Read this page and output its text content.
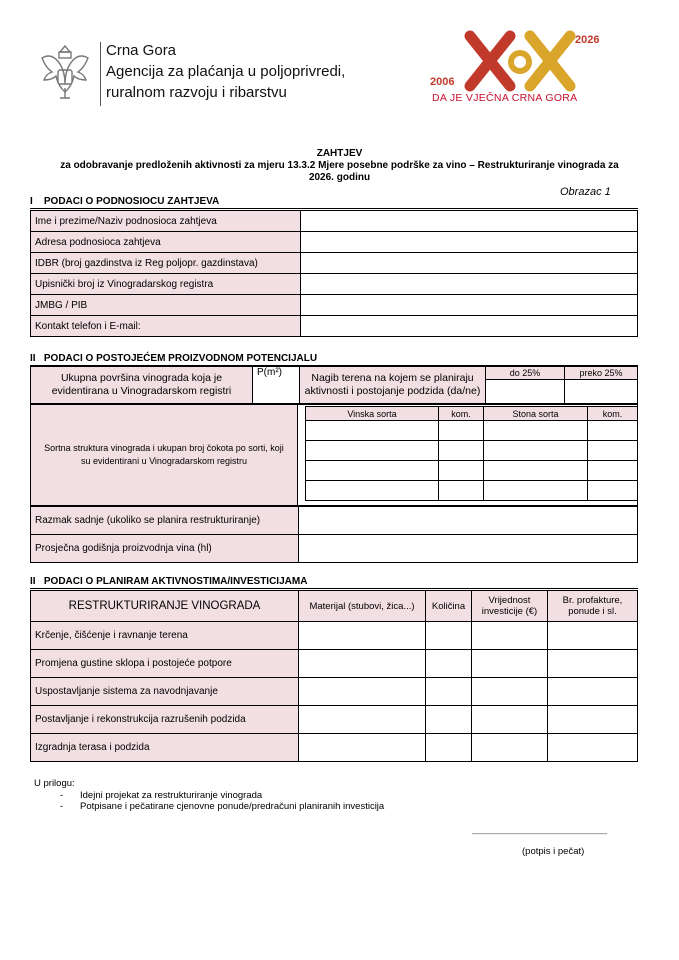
Crna Gora
Agencija za plaćanja u poljoprivredi,
ruralnom razvoju i ribarstvu
2026
2006
DA JE VJEČNA CRNA GORA
ZAHTJEV
za odobravanje predloženih aktivnosti za mjeru 13.3.2 Mjere posebne podrške za vino – Restrukturiranje vinograda za
2026. godinu
Obrazac 1
I    PODACI O PODNOSIOCU ZAHTJEVA
Ime i prezime/Naziv podnosioca zahtjeva	
Adresa podnosioca zahtjeva	
IDBR (broj gazdinstva iz Reg poljopr. gazdinstava)	
Upisnički broj iz Vinogradarskog registra	
JMBG / PIB	
Kontakt telefon i E-mail:	
II   PODACI O POSTOJEĆEM PROIZVODNOM POTENCIJALU
Ukupna površina vinograda koja je evidentirana u Vinogradarskom registri	P(m²)	Nagib terena na kojem se planiraju aktivnosti i postojanje podzida (da/ne)	do 25%	preko 25%

Sortna struktura vinograda i ukupan broj čokota po sorti, koji su evidentirani u Vinogradarskom registru
Vinska sorta	kom.	Stona sorta	kom.

Razmak sadnje (ukoliko se planira restrukturiranje)	
Prosječna godišnja proizvodnja vina (hl)	
II   PODACI O PLANIRAM AKTIVNOSTIMA/INVESTICIJAMA
RESTRUKTURIRANJE VINOGRADA	Materijal (stubovi, žica...)	Količina	Vrijednost investicije (€)	Br. profakture, ponude i sl.
Krčenje, čišćenje i ravnanje terena				
Promjena gustine sklopa i postojeće potpore				
Uspostavljanje sistema za navodnjavanje				
Postavljanje i rekonstrukcija razrušenih podzida				
Izgradnja terasa i podzida				
U prilogu:
- Idejni projekat za restrukturiranje vinograda
- Potpisane i pečatirane cjenovne ponude/predračuni planiranih investicija
___________________________
(potpis i pečat)
